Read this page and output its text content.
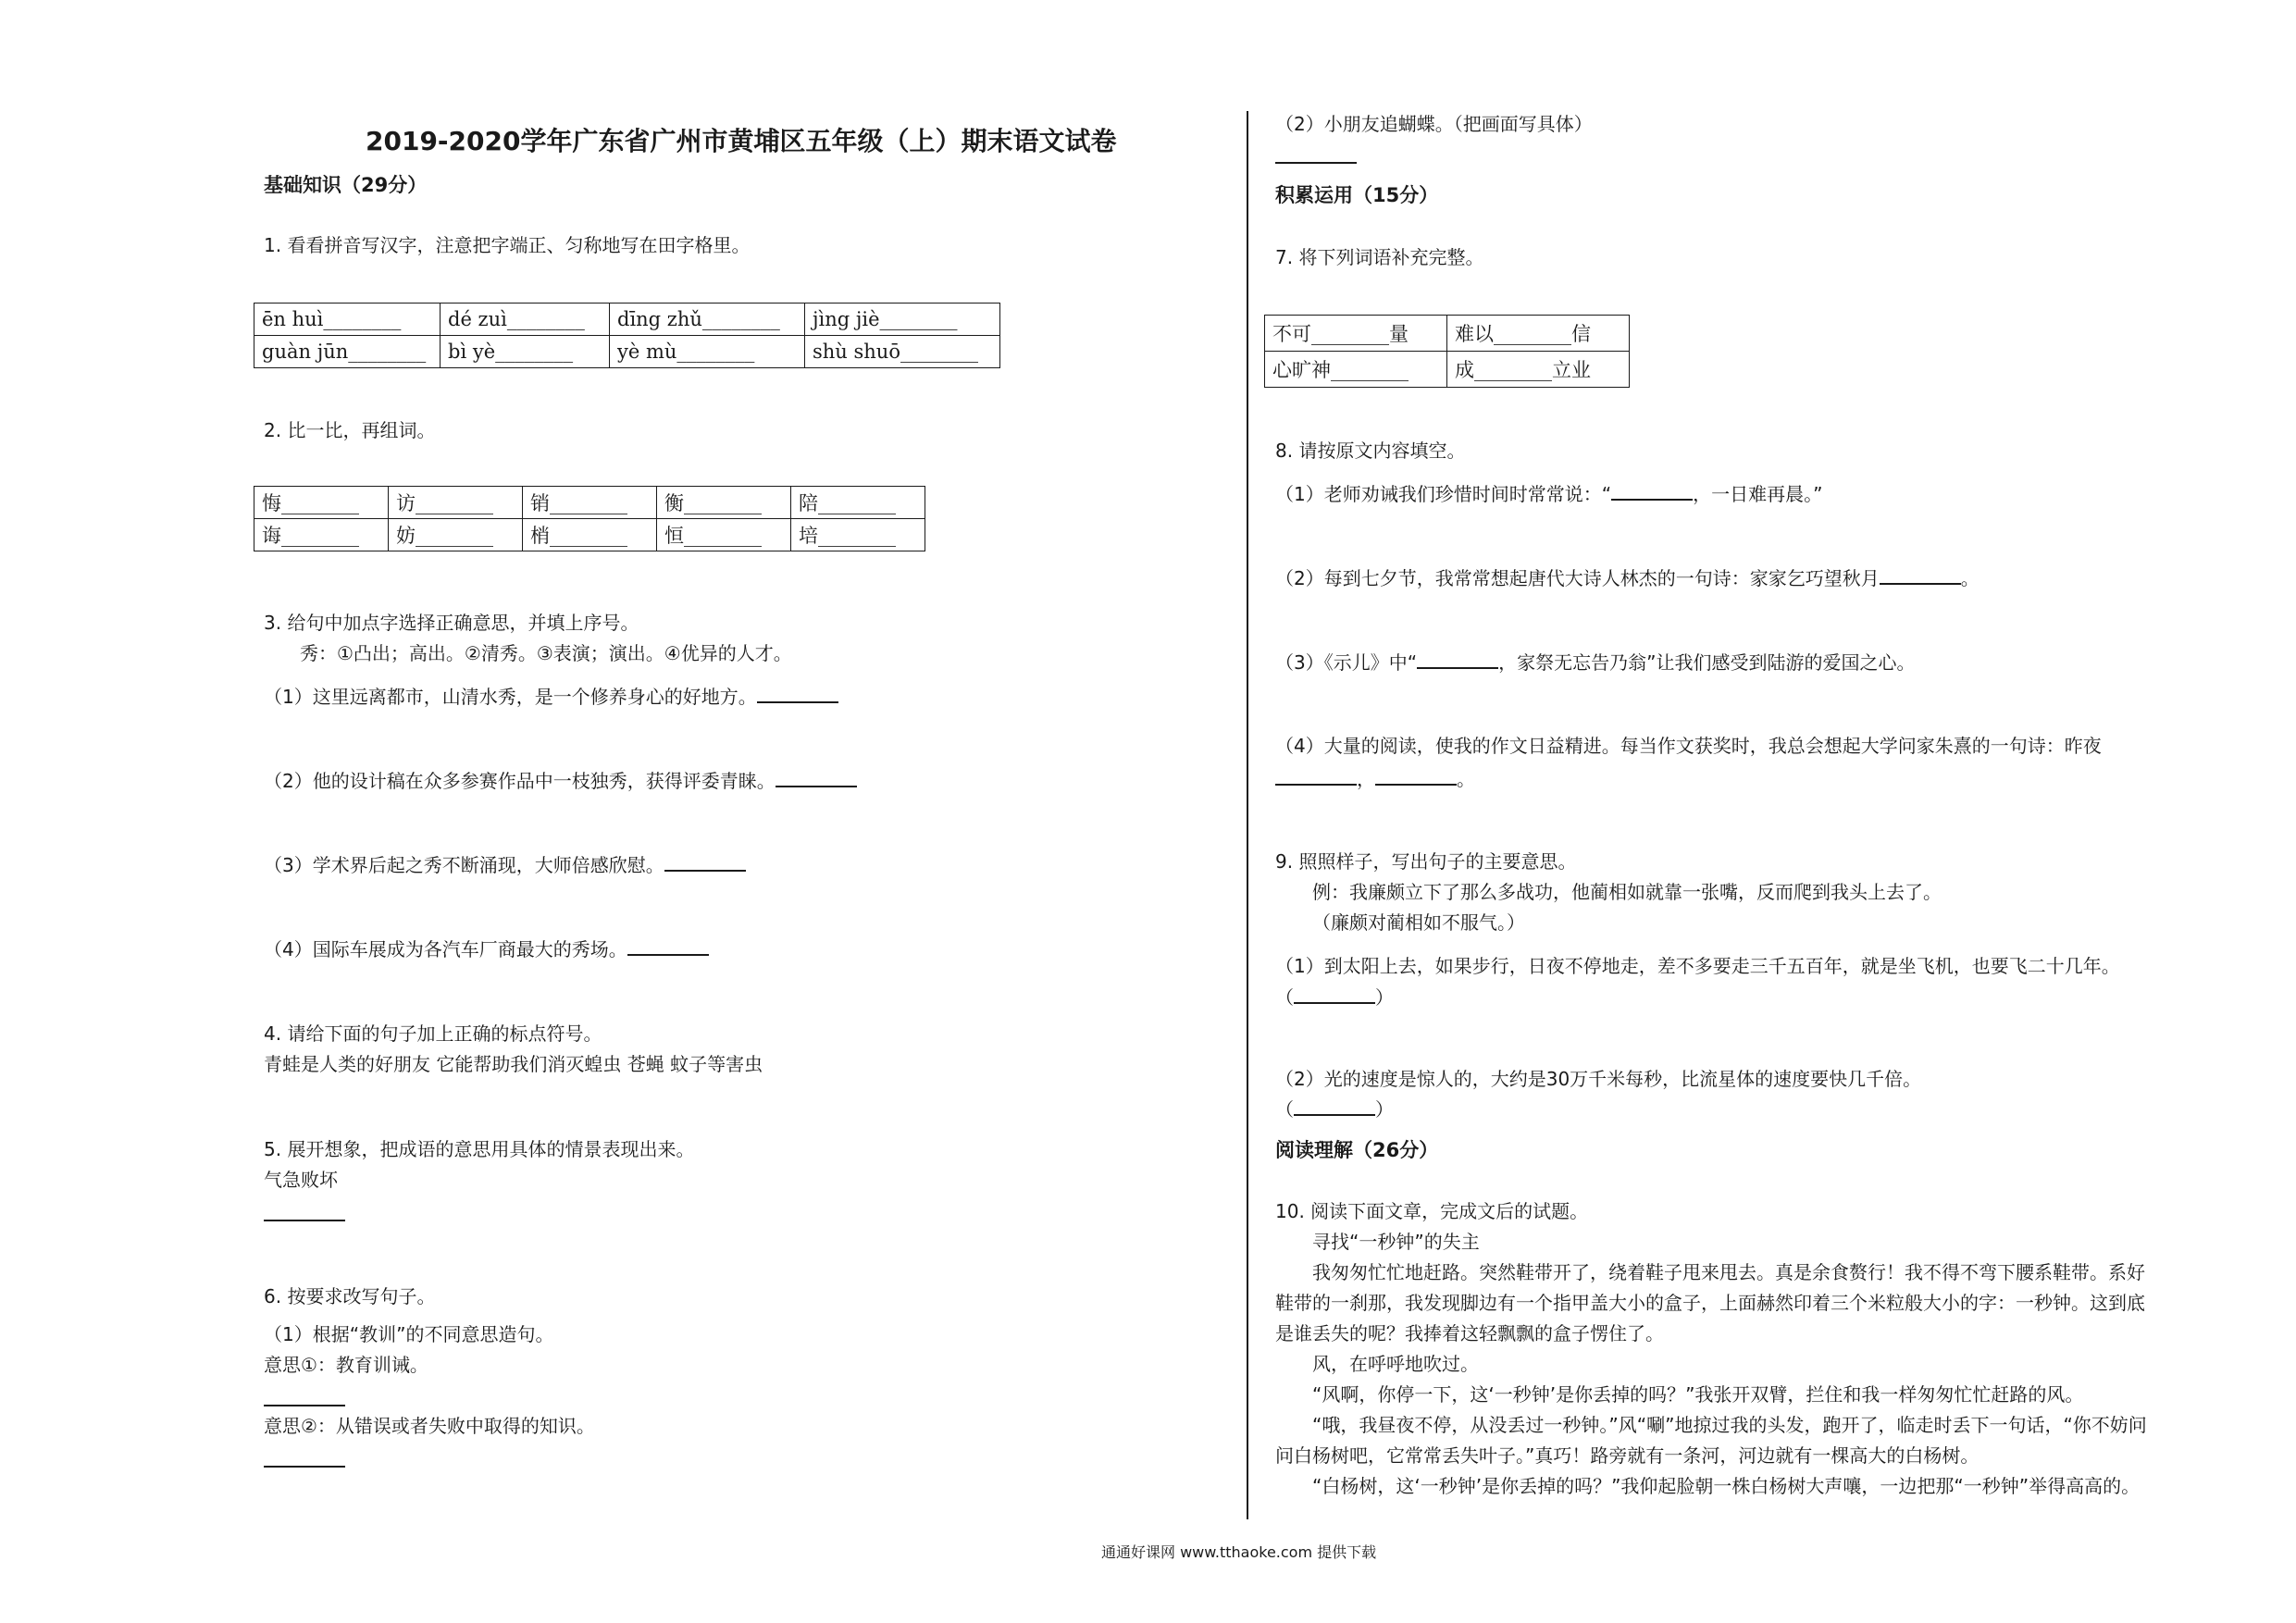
2019-2020学年广东省广州市黄埔区五年级（上）期末语文试卷
基础知识（29分）
1. 看看拼音写汉字，注意把字端正、匀称地写在田字格里。
ēn huì________	dé zuì________	dīng zhǔ________	jìng jiè________
guàn jūn________	bì yè________	yè mù________	shù shuō________
2. 比一比，再组词。
悔________	访________	销________	衡________	陪________
诲________	妨________	梢________	恒________	培________
3. 给句中加点字选择正确意思，并填上序号。
秀：①凸出；高出。②清秀。③表演；演出。④优异的人才。
（1）这里远离都市，山清水秀，是一个修养身心的好地方。
（2）他的设计稿在众多参赛作品中一枝独秀，获得评委青睐。
（3）学术界后起之秀不断涌现，大师倍感欣慰。
（4）国际车展成为各汽车厂商最大的秀场。
4. 请给下面的句子加上正确的标点符号。
青蛙是人类的好朋友 它能帮助我们消灭蝗虫 苍蝇 蚊子等害虫
5. 展开想象，把成语的意思用具体的情景表现出来。
气急败坏
6. 按要求改写句子。
（1）根据“教训”的不同意思造句。
意思①：教育训诫。
意思②：从错误或者失败中取得的知识。
（2）小朋友追蝴蝶。（把画面写具体）
积累运用（15分）
7. 将下列词语补充完整。
不可________量	难以________信
心旷神________	成________立业
8. 请按原文内容填空。
（1）老师劝诫我们珍惜时间时常常说：“	，一日难再晨。”
（2）每到七夕节，我常常想起唐代大诗人林杰的一句诗：家家乞巧望秋月	。
（3）《示儿》中“	，家祭无忘告乃翁”让我们感受到陆游的爱国之心。
（4）大量的阅读，使我的作文日益精进。每当作文获奖时，我总会想起大学问家朱熹的一句诗：昨夜
，	。
9. 照照样子，写出句子的主要意思。
例：我廉颇立下了那么多战功，他蔺相如就靠一张嘴，反而爬到我头上去了。
（廉颇对蔺相如不服气。）
（1）到太阳上去，如果步行，日夜不停地走，差不多要走三千五百年，就是坐飞机，也要飞二十几年。
（	）
（2）光的速度是惊人的，大约是30万千米每秒，比流星体的速度要快几千倍。
（	）
阅读理解（26分）
10. 阅读下面文章，完成文后的试题。
寻找“一秒钟”的失主
我匆匆忙忙地赶路。突然鞋带开了，绕着鞋子甩来甩去。真是余食赘行！我不得不弯下腰系鞋带。系好
鞋带的一刹那，我发现脚边有一个指甲盖大小的盒子，上面赫然印着三个米粒般大小的字：一秒钟。这到底
是谁丢失的呢？我捧着这轻飘飘的盒子愣住了。
风，在呼呼地吹过。
“风啊，你停一下，这‘一秒钟’是你丢掉的吗？”我张开双臂，拦住和我一样匆匆忙忙赶路的风。
“哦，我昼夜不停，从没丢过一秒钟。”风“唰”地掠过我的头发，跑开了，临走时丢下一句话，“你不妨问
问白杨树吧，它常常丢失叶子。”真巧！路旁就有一条河，河边就有一棵高大的白杨树。
“白杨树，这‘一秒钟’是你丢掉的吗？”我仰起脸朝一株白杨树大声嚷，一边把那“一秒钟”举得高高的。
通通好课网 www.tthaoke.com 提供下载
